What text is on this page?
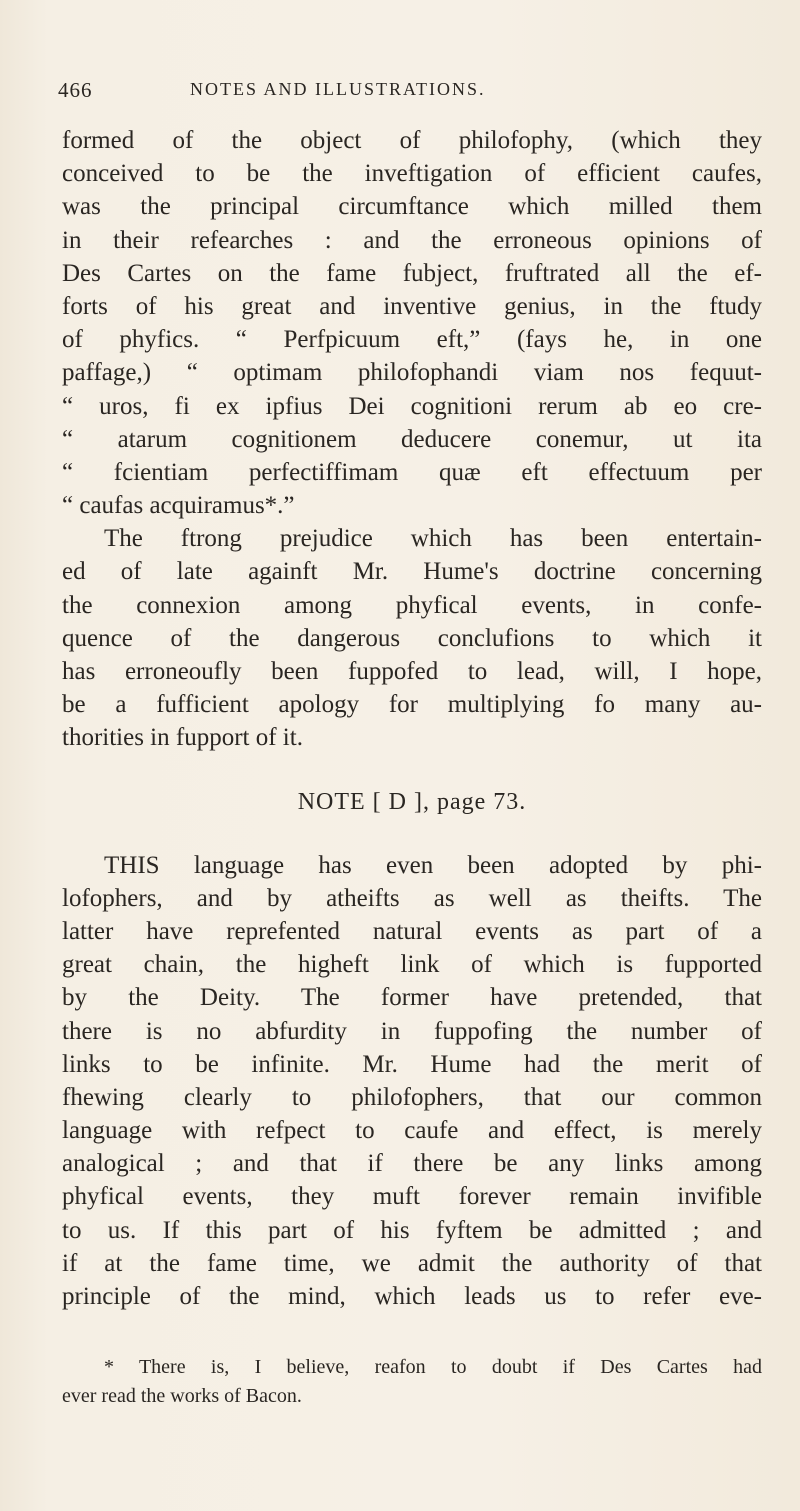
466	NOTES AND ILLUSTRATIONS.
formed of the object of philofophy, (which they
conceived to be the inveftigation of efficient caufes,
was the principal circumftance which milled them
in their refearches : and the erroneous opinions of
Des Cartes on the fame fubject, fruftrated all the ef-
forts of his great and inventive genius, in the ftudy
of phyfics. “ Perfpicuum eft,” (fays he, in one
paffage,) “ optimam philofophandi viam nos fequut-
“ uros, fi ex ipfius Dei cognitioni rerum ab eo cre-
“ atarum cognitionem deducere conemur, ut ita
“ fcientiam perfectiffimam quæ eft effectuum per
“ caufas acquiramus*.”
The ftrong prejudice which has been entertain-
ed of late againft Mr. Hume's doctrine concerning
the connexion among phyfical events, in confe-
quence of the dangerous conclufions to which it
has erroneoufly been fuppofed to lead, will, I hope,
be a fufficient apology for multiplying fo many au-
thorities in fupport of it.
NOTE [ D ], page 73.
THIS language has even been adopted by phi-
lofophers, and by atheifts as well as theifts. The
latter have reprefented natural events as part of a
great chain, the higheft link of which is fupported
by the Deity. The former have pretended, that
there is no abfurdity in fuppofing the number of
links to be infinite. Mr. Hume had the merit of
fhewing clearly to philofophers, that our common
language with refpect to caufe and effect, is merely
analogical ; and that if there be any links among
phyfical events, they muft forever remain invifible
to us. If this part of his fyftem be admitted ; and
if at the fame time, we admit the authority of that
principle of the mind, which leads us to refer eve-
* There is, I believe, reafon to doubt if Des Cartes had
ever read the works of Bacon.
